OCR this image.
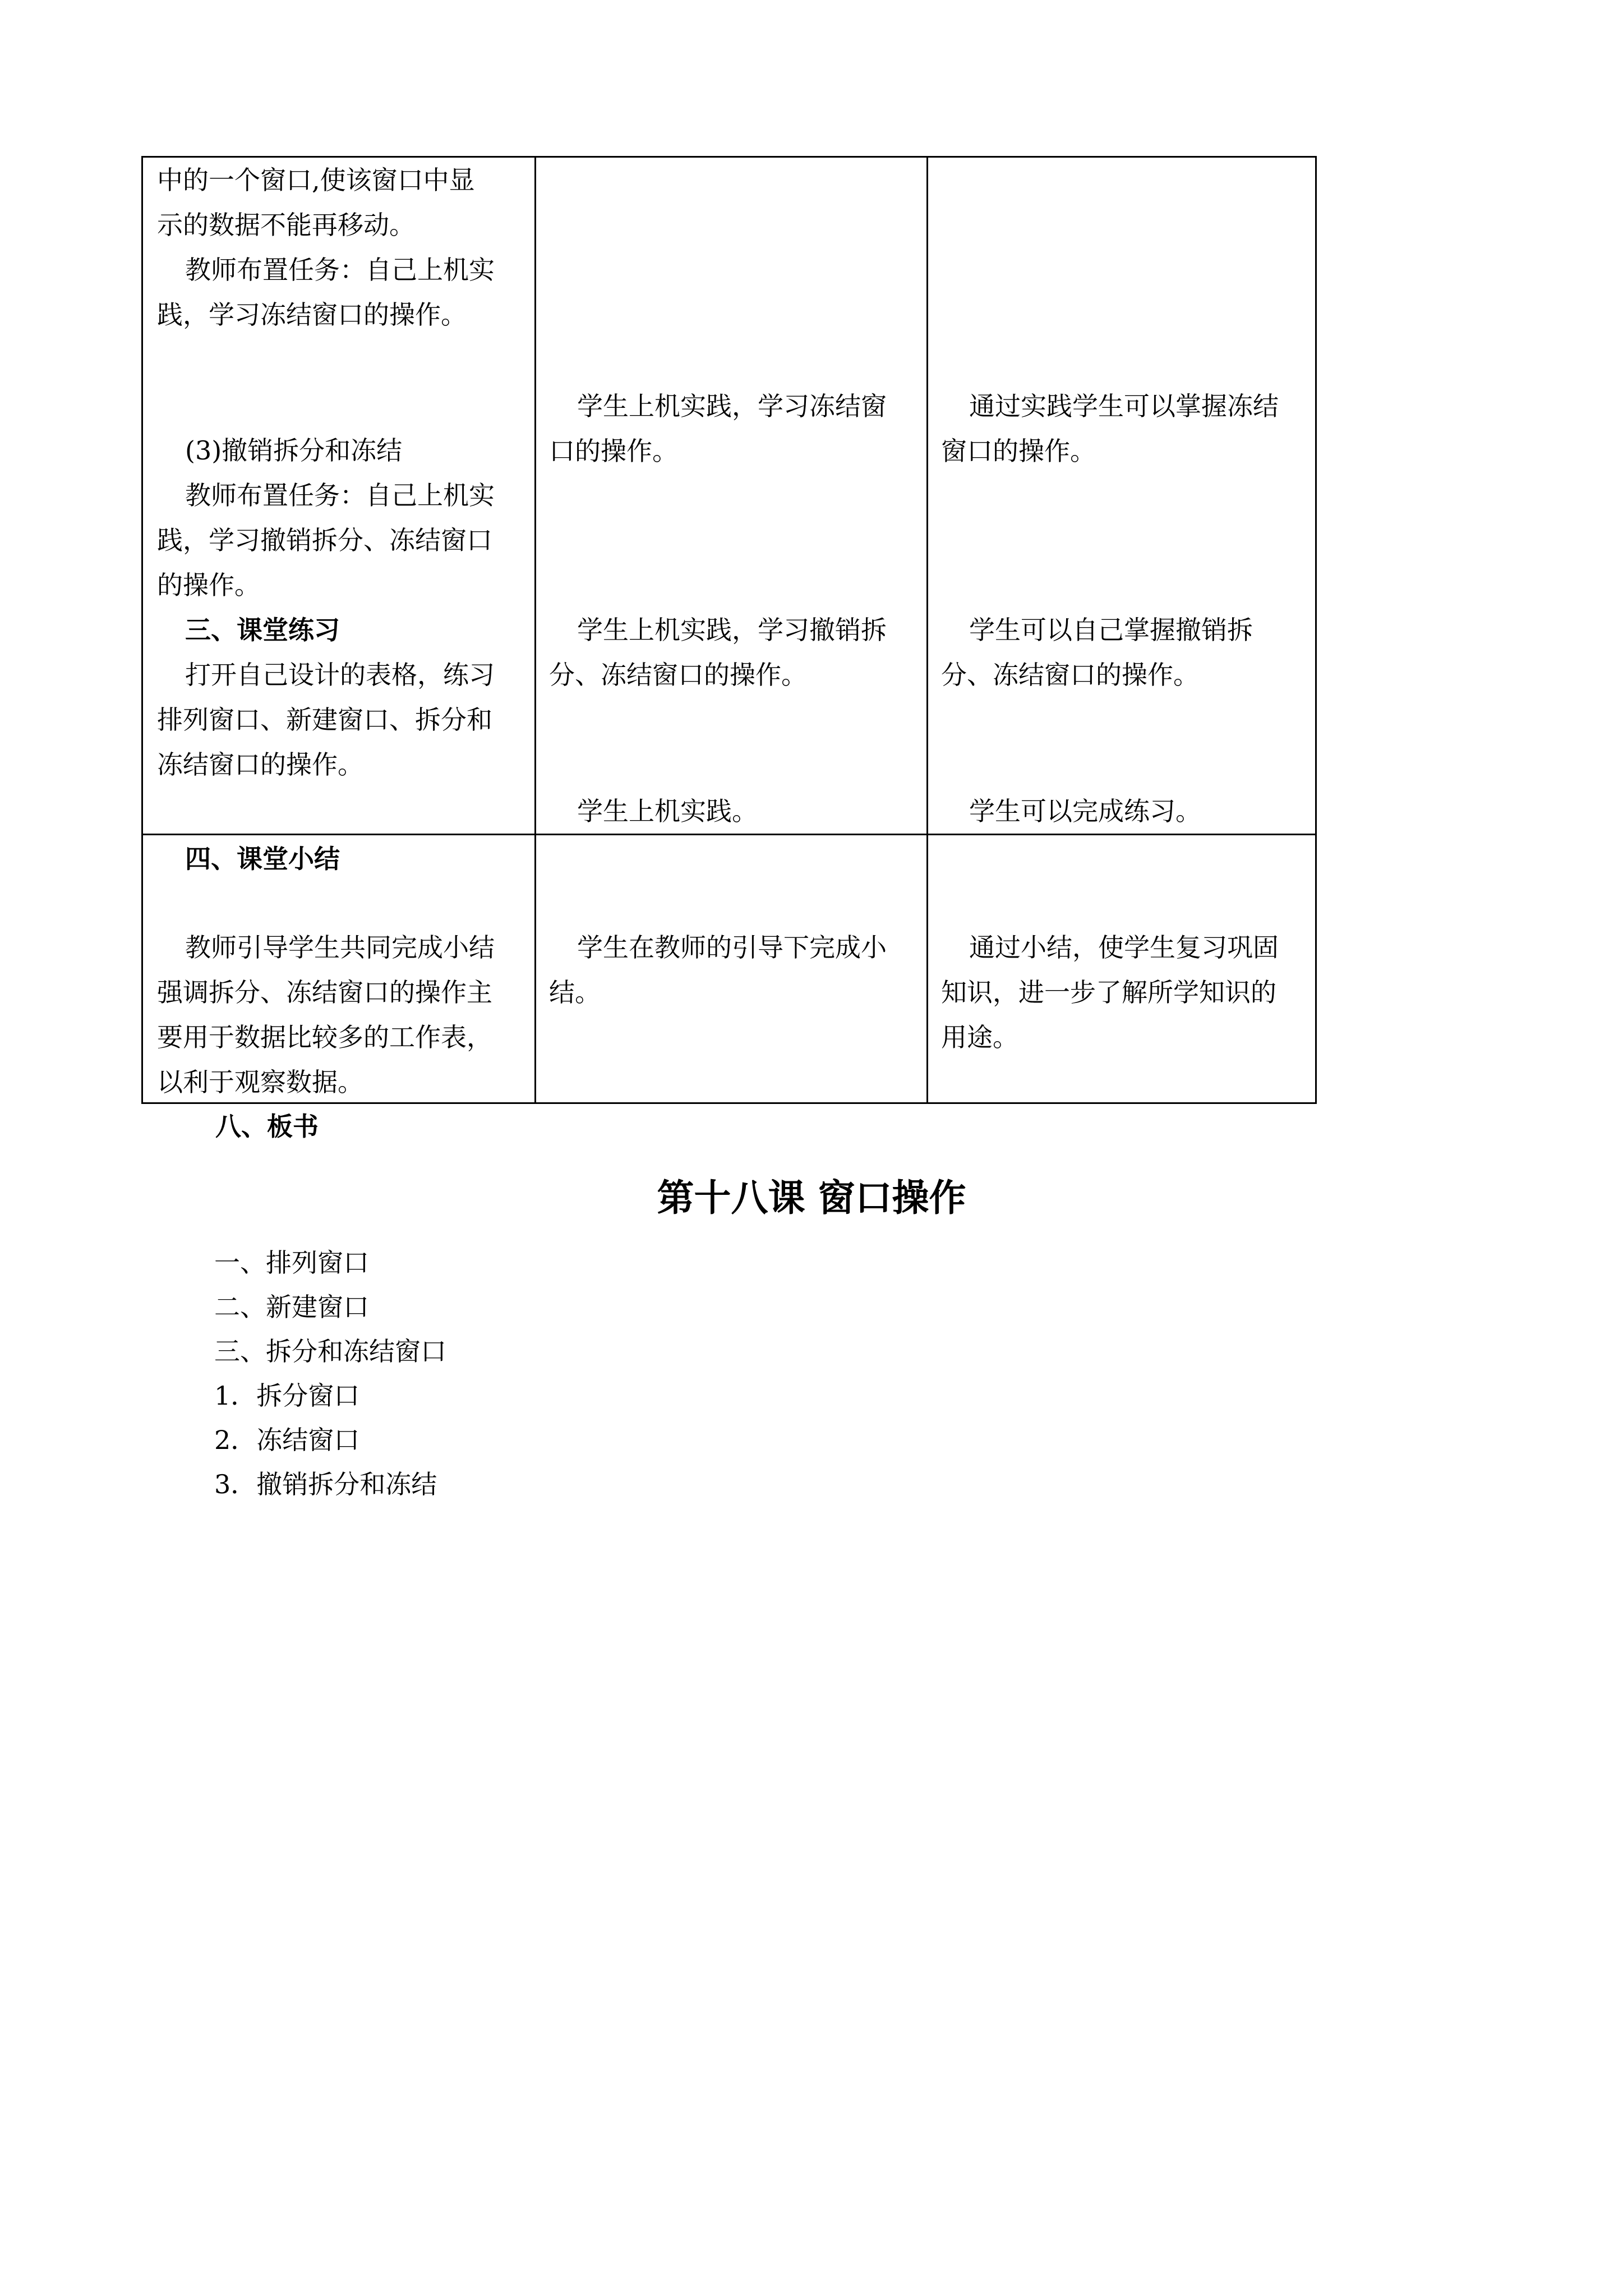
中的一个窗口,使该窗口中显
示的数据不能再移动。
教师布置任务：自己上机实
践，学习冻结窗口的操作。
(3)撤销拆分和冻结
教师布置任务：自己上机实
践，学习撤销拆分、冻结窗口
的操作。
三、课堂练习
打开自己设计的表格，练习
排列窗口、新建窗口、拆分和
冻结窗口的操作。
学生上机实践，学习冻结窗
口的操作。
学生上机实践，学习撤销拆
分、冻结窗口的操作。
学生上机实践。
通过实践学生可以掌握冻结
窗口的操作。
学生可以自己掌握撤销拆
分、冻结窗口的操作。
学生可以完成练习。
四、课堂小结
教师引导学生共同完成小结
强调拆分、冻结窗口的操作主
要用于数据比较多的工作表，
以利于观察数据。
学生在教师的引导下完成小
结。
通过小结，使学生复习巩固
知识，进一步了解所学知识的
用途。
八、板书
第十八课 窗口操作
一、排列窗口
二、新建窗口
三、拆分和冻结窗口
1．拆分窗口
2．冻结窗口
3．撤销拆分和冻结
